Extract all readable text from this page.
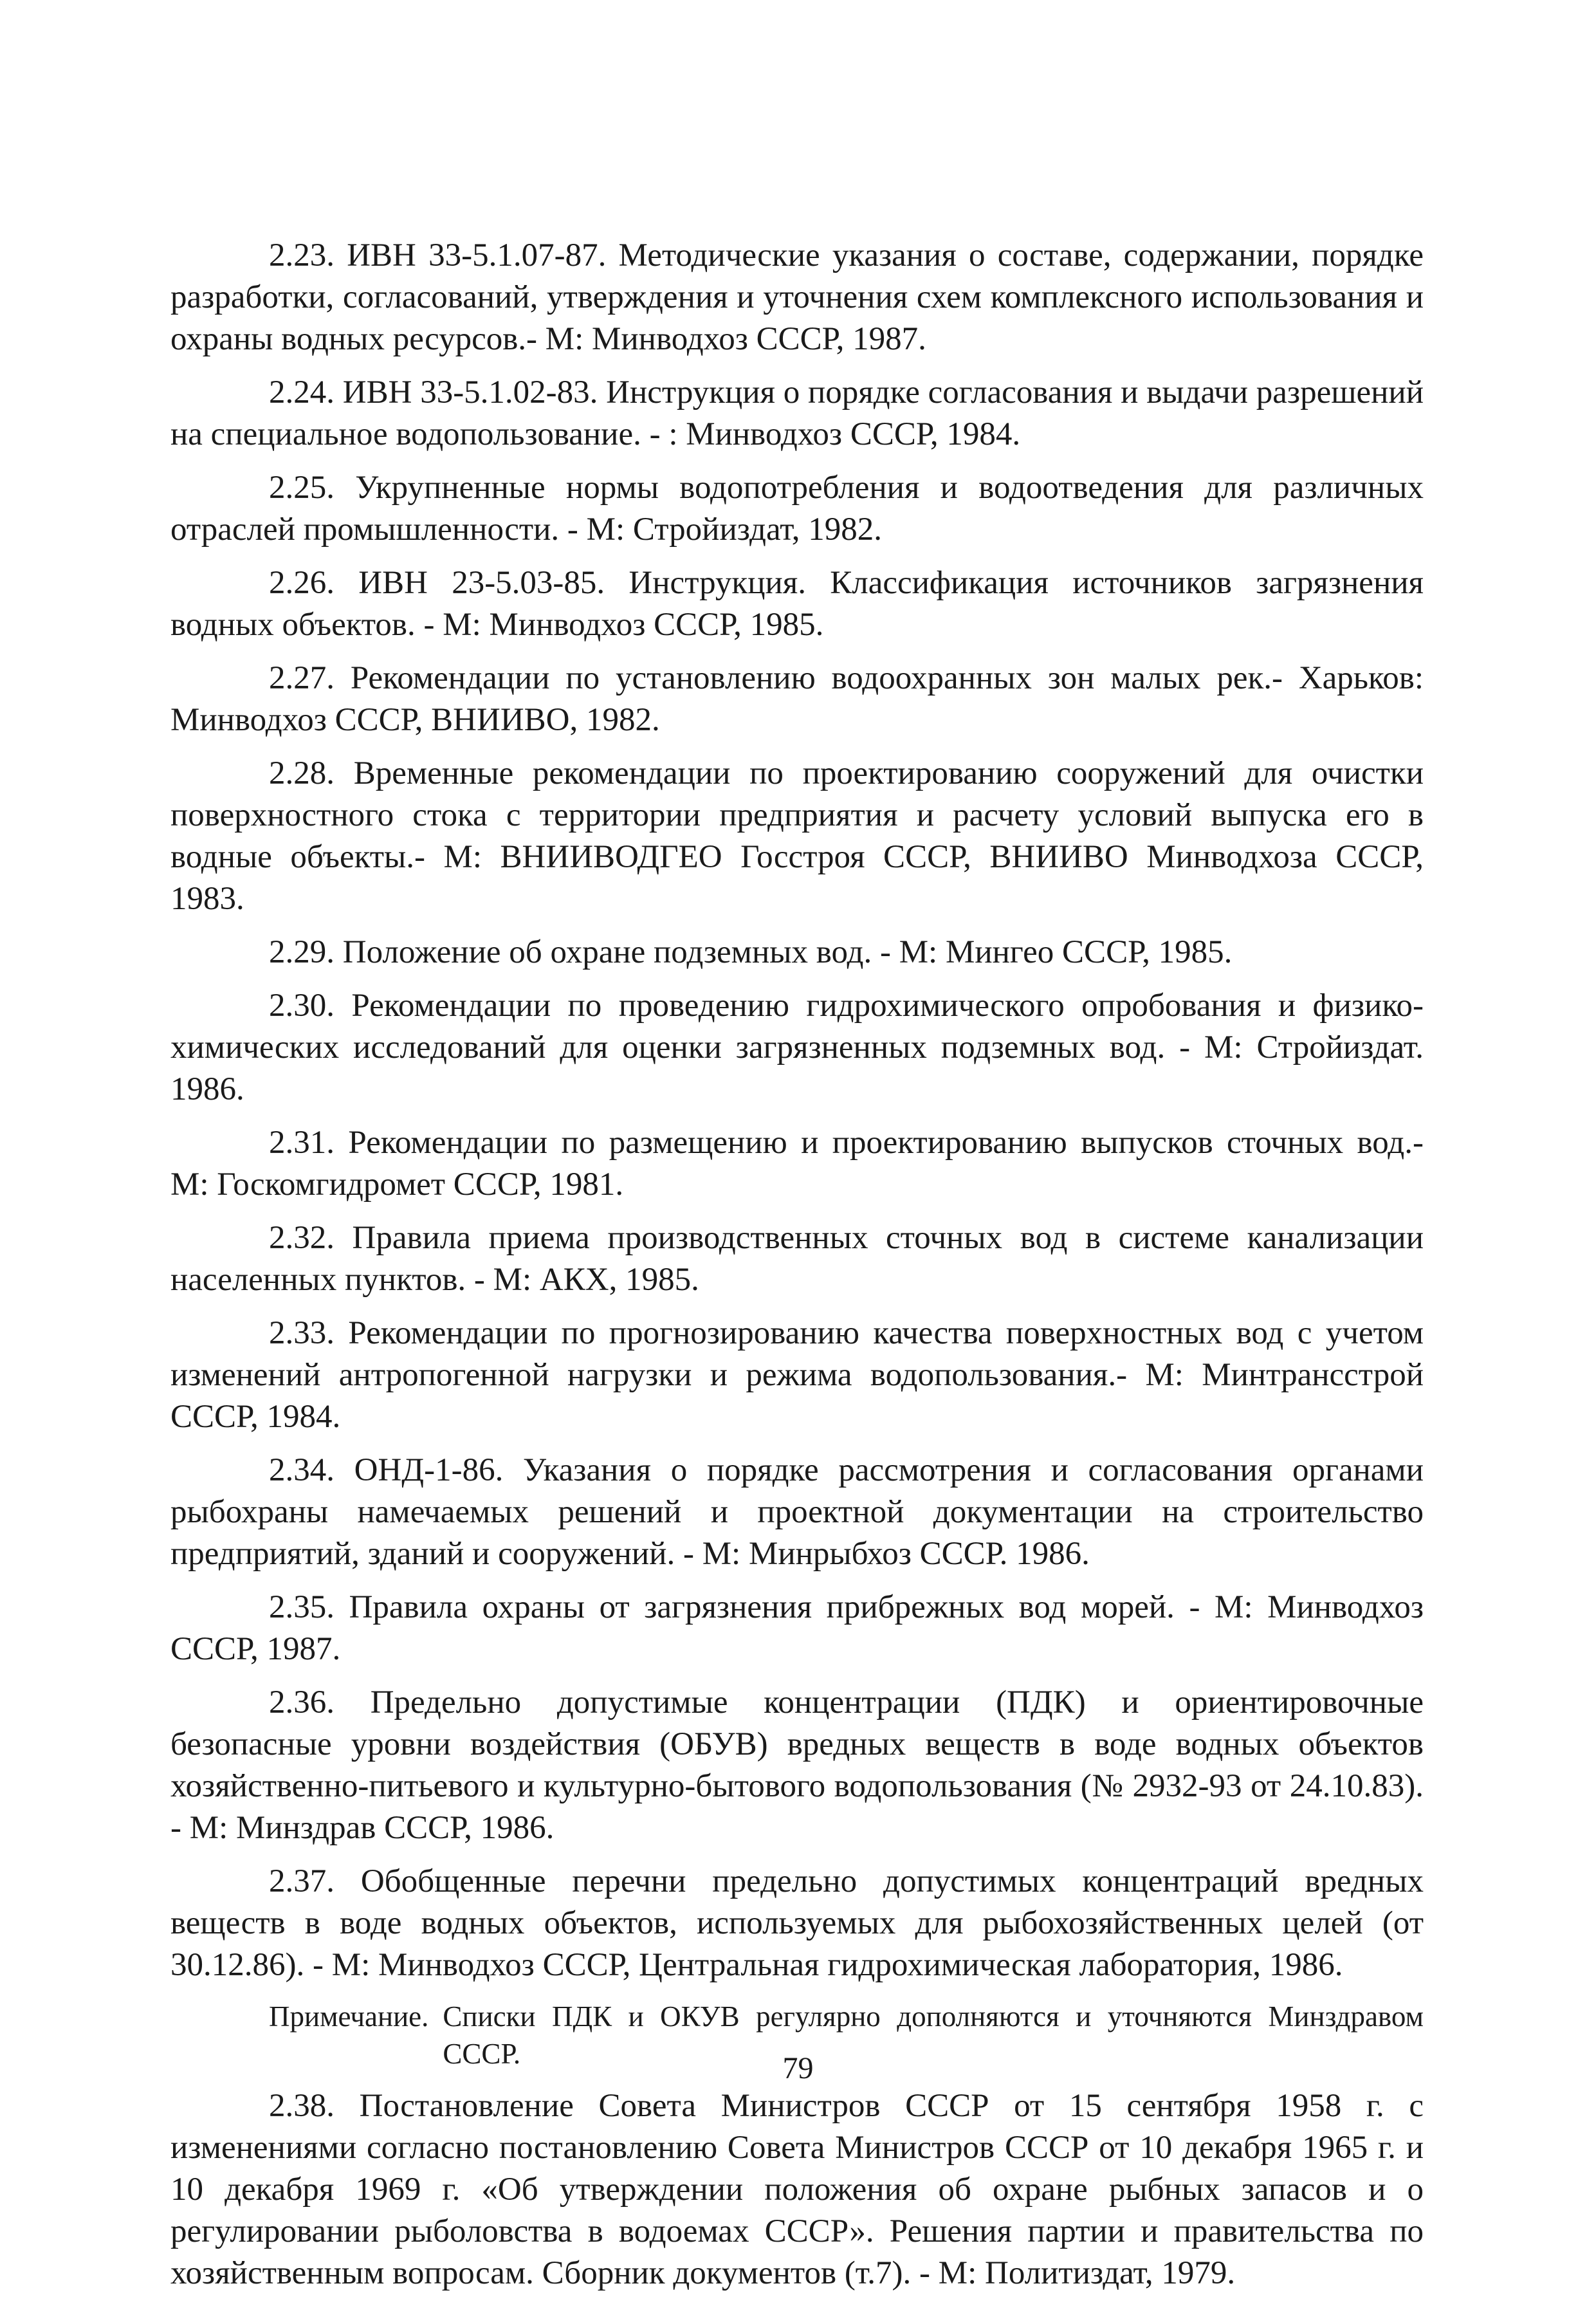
2.23. ИВН 33-5.1.07-87. Методические указания о составе, содержании, порядке разработки, согласований, утверждения и уточнения схем комплексного использования и охраны водных ресурсов.- М: Минводхоз СССР, 1987.

2.24. ИВН 33-5.1.02-83. Инструкция о порядке согласования и выдачи разрешений на специальное водопользование. - : Минводхоз СССР, 1984.

2.25. Укрупненные нормы водопотребления и водоотведения для различных отраслей промышленности. - М: Стройиздат, 1982.

2.26. ИВН 23-5.03-85. Инструкция. Классификация источников загрязнения водных объектов. - М: Минводхоз СССР, 1985.

2.27. Рекомендации по установлению водоохранных зон малых рек.- Харьков: Минводхоз СССР, ВНИИВО, 1982.

2.28. Временные рекомендации по проектированию сооружений для очистки поверхностного стока с территории предприятия и расчету условий выпуска его в водные объекты.- М: ВНИИВОДГЕО Госстроя СССР, ВНИИВО Минводхоза СССР, 1983.

2.29. Положение об охране подземных вод. - М: Мингео СССР, 1985.

2.30. Рекомендации по проведению гидрохимического опробования и физико-химических исследований для оценки загрязненных подземных вод. - М: Стройиздат. 1986.

2.31. Рекомендации по размещению и проектированию выпусков сточных вод.- М: Госкомгидромет СССР, 1981.

2.32. Правила приема производственных сточных вод в системе канализации населенных пунктов. - М: АКХ, 1985.

2.33. Рекомендации по прогнозированию качества поверхностных вод с учетом изменений антропогенной нагрузки и режима водопользования.- М: Минтрансстрой СССР, 1984.

2.34. ОНД-1-86. Указания о порядке рассмотрения и согласования органами рыбохраны намечаемых решений и проектной документации на строительство предприятий, зданий и сооружений. - М: Минрыбхоз СССР. 1986.

2.35. Правила охраны от загрязнения прибрежных вод морей. - М: Минводхоз СССР, 1987.

2.36. Предельно допустимые концентрации (ПДК) и ориентировочные безопасные уровни воздействия (ОБУВ) вредных веществ в воде водных объектов хозяйственно-питьевого и культурно-бытового водопользования (№ 2932-93 от 24.10.83). - М: Минздрав СССР, 1986.

2.37. Обобщенные перечни предельно допустимых концентраций вредных веществ в воде водных объектов, используемых для рыбохозяйственных целей (от 30.12.86). - М: Минводхоз СССР, Центральная гидрохимическая лаборатория, 1986.

Примечание. Списки ПДК и ОКУВ регулярно дополняются и уточняются Минздравом СССР.

2.38. Постановление Совета Министров СССР от 15 сентября 1958 г. с изменениями согласно постановлению Совета Министров СССР от 10 декабря 1965 г. и 10 декабря 1969 г. «Об утверждении положения об охране рыбных запасов и о регулировании рыболовства в водоемах СССР». Решения партии и правительства по хозяйственным вопросам. Сборник документов (т.7). - М: Политиздат, 1979.

79
